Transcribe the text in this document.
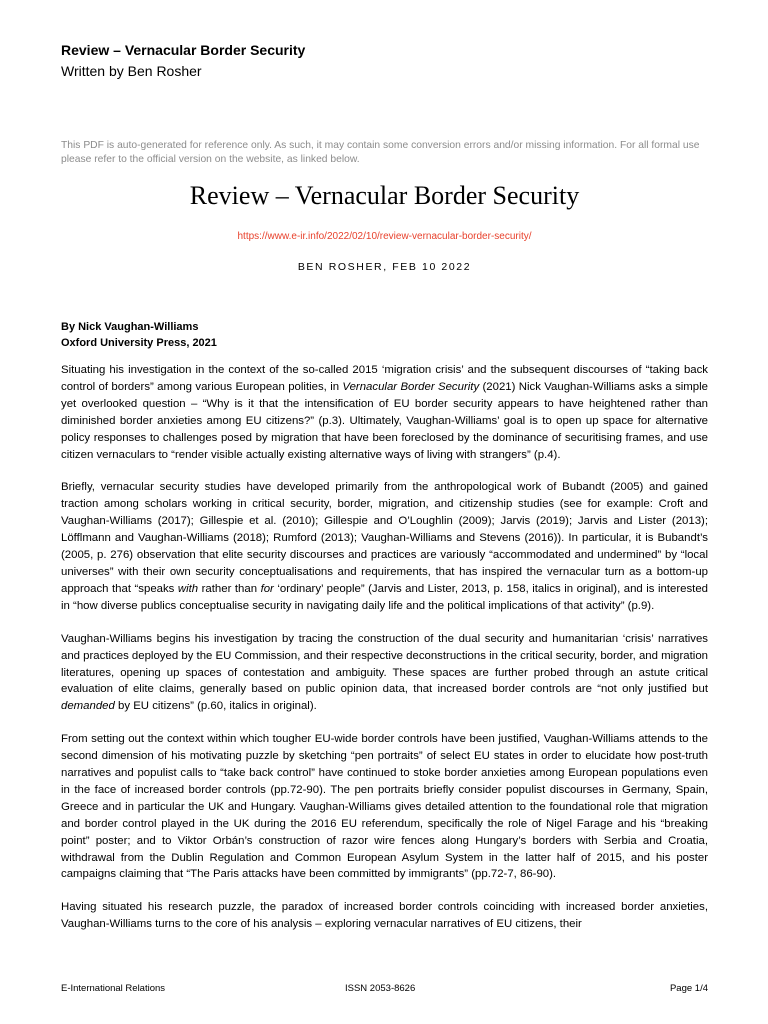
Review – Vernacular Border Security
Written by Ben Rosher
This PDF is auto-generated for reference only. As such, it may contain some conversion errors and/or missing information. For all formal use please refer to the official version on the website, as linked below.
Review – Vernacular Border Security
https://www.e-ir.info/2022/02/10/review-vernacular-border-security/
BEN ROSHER, FEB 10 2022
By Nick Vaughan-Williams
Oxford University Press, 2021

Situating his investigation in the context of the so-called 2015 ‘migration crisis’ and the subsequent discourses of “taking back control of borders” among various European polities, in Vernacular Border Security (2021) Nick Vaughan-Williams asks a simple yet overlooked question – “Why is it that the intensification of EU border security appears to have heightened rather than diminished border anxieties among EU citizens?” (p.3). Ultimately, Vaughan-Williams’ goal is to open up space for alternative policy responses to challenges posed by migration that have been foreclosed by the dominance of securitising frames, and use citizen vernaculars to “render visible actually existing alternative ways of living with strangers” (p.4).

Briefly, vernacular security studies have developed primarily from the anthropological work of Bubandt (2005) and gained traction among scholars working in critical security, border, migration, and citizenship studies (see for example: Croft and Vaughan-Williams (2017); Gillespie et al. (2010); Gillespie and O’Loughlin (2009); Jarvis (2019); Jarvis and Lister (2013); Löfflmann and Vaughan-Williams (2018); Rumford (2013); Vaughan-Williams and Stevens (2016)). In particular, it is Bubandt’s (2005, p. 276) observation that elite security discourses and practices are variously “accommodated and undermined” by “local universes” with their own security conceptualisations and requirements, that has inspired the vernacular turn as a bottom-up approach that “speaks with rather than for ‘ordinary’ people” (Jarvis and Lister, 2013, p. 158, italics in original), and is interested in “how diverse publics conceptualise security in navigating daily life and the political implications of that activity” (p.9).

Vaughan-Williams begins his investigation by tracing the construction of the dual security and humanitarian ‘crisis’ narratives and practices deployed by the EU Commission, and their respective deconstructions in the critical security, border, and migration literatures, opening up spaces of contestation and ambiguity. These spaces are further probed through an astute critical evaluation of elite claims, generally based on public opinion data, that increased border controls are “not only justified but demanded by EU citizens” (p.60, italics in original).

From setting out the context within which tougher EU-wide border controls have been justified, Vaughan-Williams attends to the second dimension of his motivating puzzle by sketching “pen portraits” of select EU states in order to elucidate how post-truth narratives and populist calls to “take back control” have continued to stoke border anxieties among European populations even in the face of increased border controls (pp.72-90). The pen portraits briefly consider populist discourses in Germany, Spain, Greece and in particular the UK and Hungary. Vaughan-Williams gives detailed attention to the foundational role that migration and border control played in the UK during the 2016 EU referendum, specifically the role of Nigel Farage and his “breaking point” poster; and to Viktor Orbán’s construction of razor wire fences along Hungary’s borders with Serbia and Croatia, withdrawal from the Dublin Regulation and Common European Asylum System in the latter half of 2015, and his poster campaigns claiming that “The Paris attacks have been committed by immigrants” (pp.72-7, 86-90).

Having situated his research puzzle, the paradox of increased border controls coinciding with increased border anxieties, Vaughan-Williams turns to the core of his analysis – exploring vernacular narratives of EU citizens, their

E-International Relations	ISSN 2053-8626	Page 1/4
